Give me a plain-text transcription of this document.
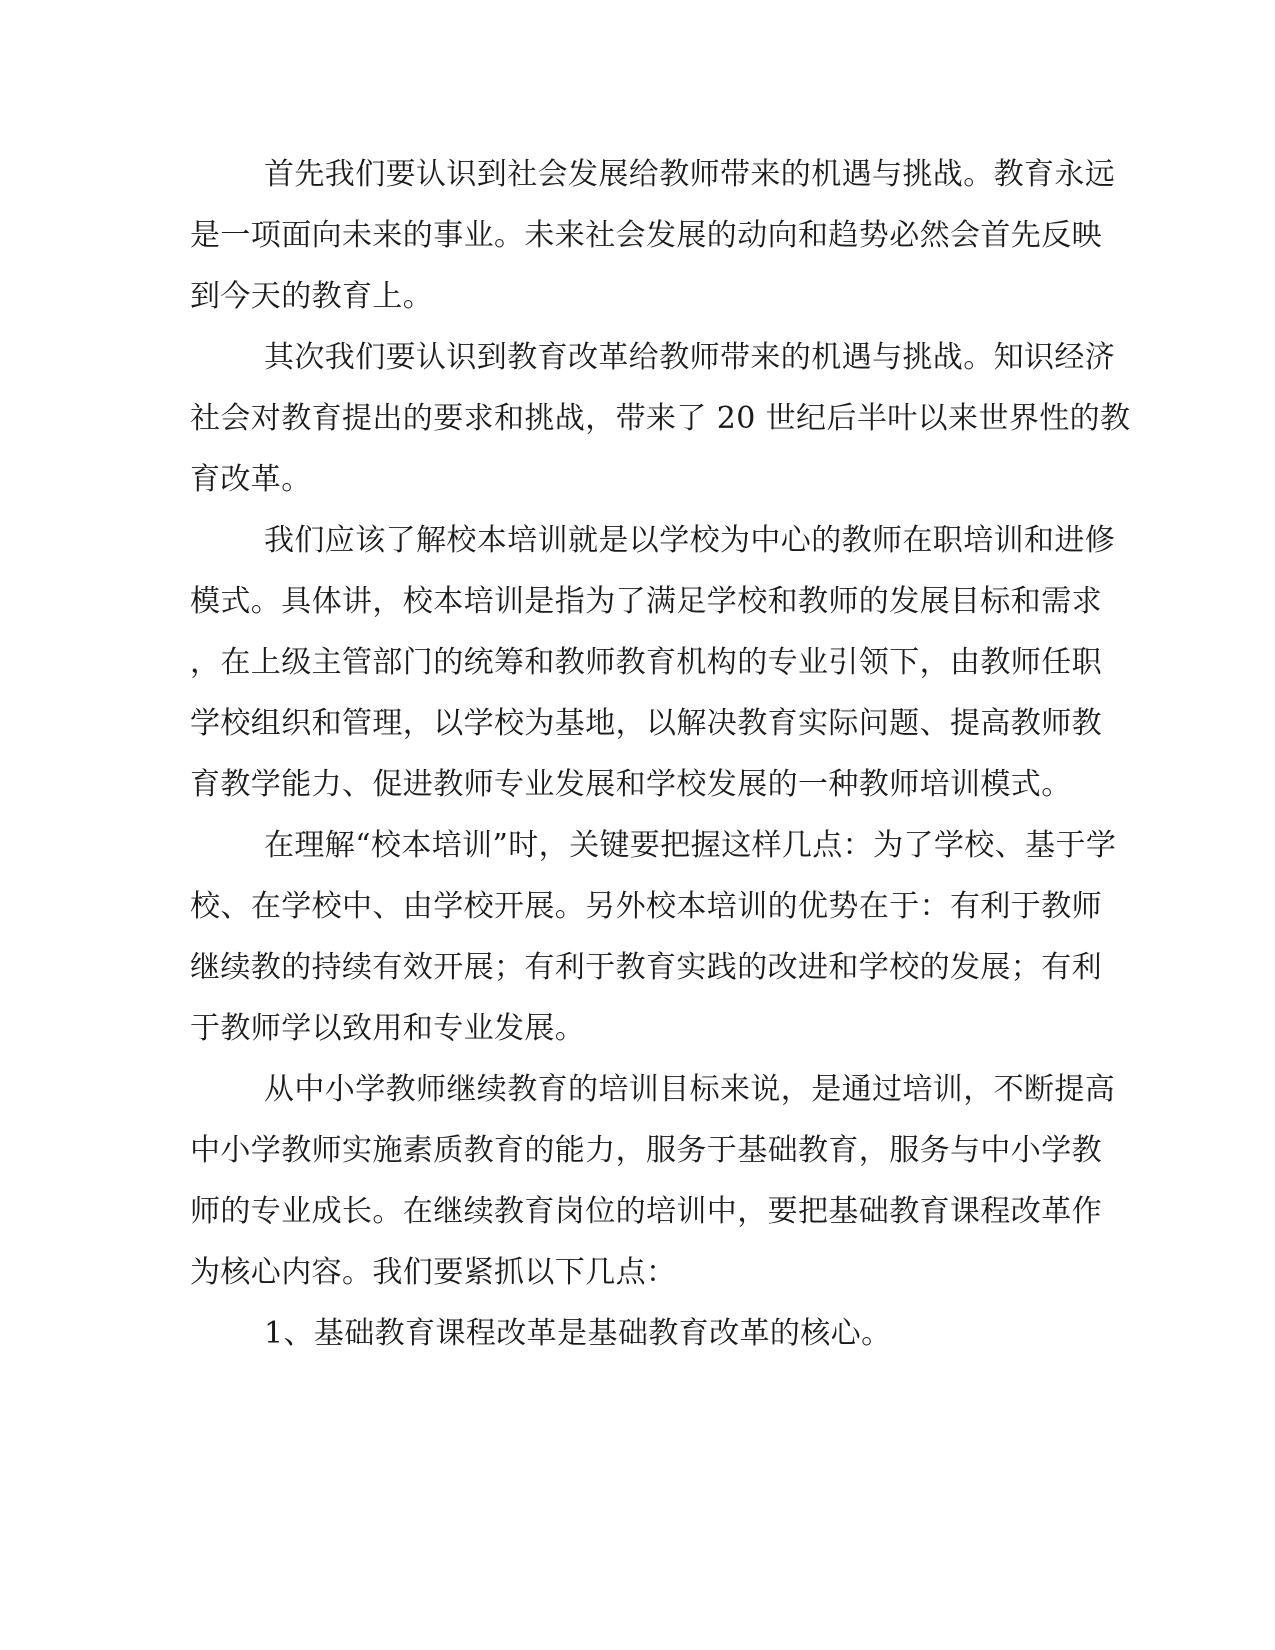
首先我们要认识到社会发展给教师带来的机遇与挑战。教育永远
是一项面向未来的事业。未来社会发展的动向和趋势必然会首先反映
到今天的教育上。
其次我们要认识到教育改革给教师带来的机遇与挑战。知识经济
社会对教育提出的要求和挑战，带来了 20 世纪后半叶以来世界性的教
育改革。
我们应该了解校本培训就是以学校为中心的教师在职培训和进修
模式。具体讲，校本培训是指为了满足学校和教师的发展目标和需求
，在上级主管部门的统筹和教师教育机构的专业引领下，由教师任职
学校组织和管理，以学校为基地，以解决教育实际问题、提高教师教
育教学能力、促进教师专业发展和学校发展的一种教师培训模式。
在理解“校本培训”时，关键要把握这样几点：为了学校、基于学
校、在学校中、由学校开展。另外校本培训的优势在于：有利于教师
继续教的持续有效开展；有利于教育实践的改进和学校的发展；有利
于教师学以致用和专业发展。
从中小学教师继续教育的培训目标来说，是通过培训，不断提高
中小学教师实施素质教育的能力，服务于基础教育，服务与中小学教
师的专业成长。在继续教育岗位的培训中，要把基础教育课程改革作
为核心内容。我们要紧抓以下几点：
1、基础教育课程改革是基础教育改革的核心。
